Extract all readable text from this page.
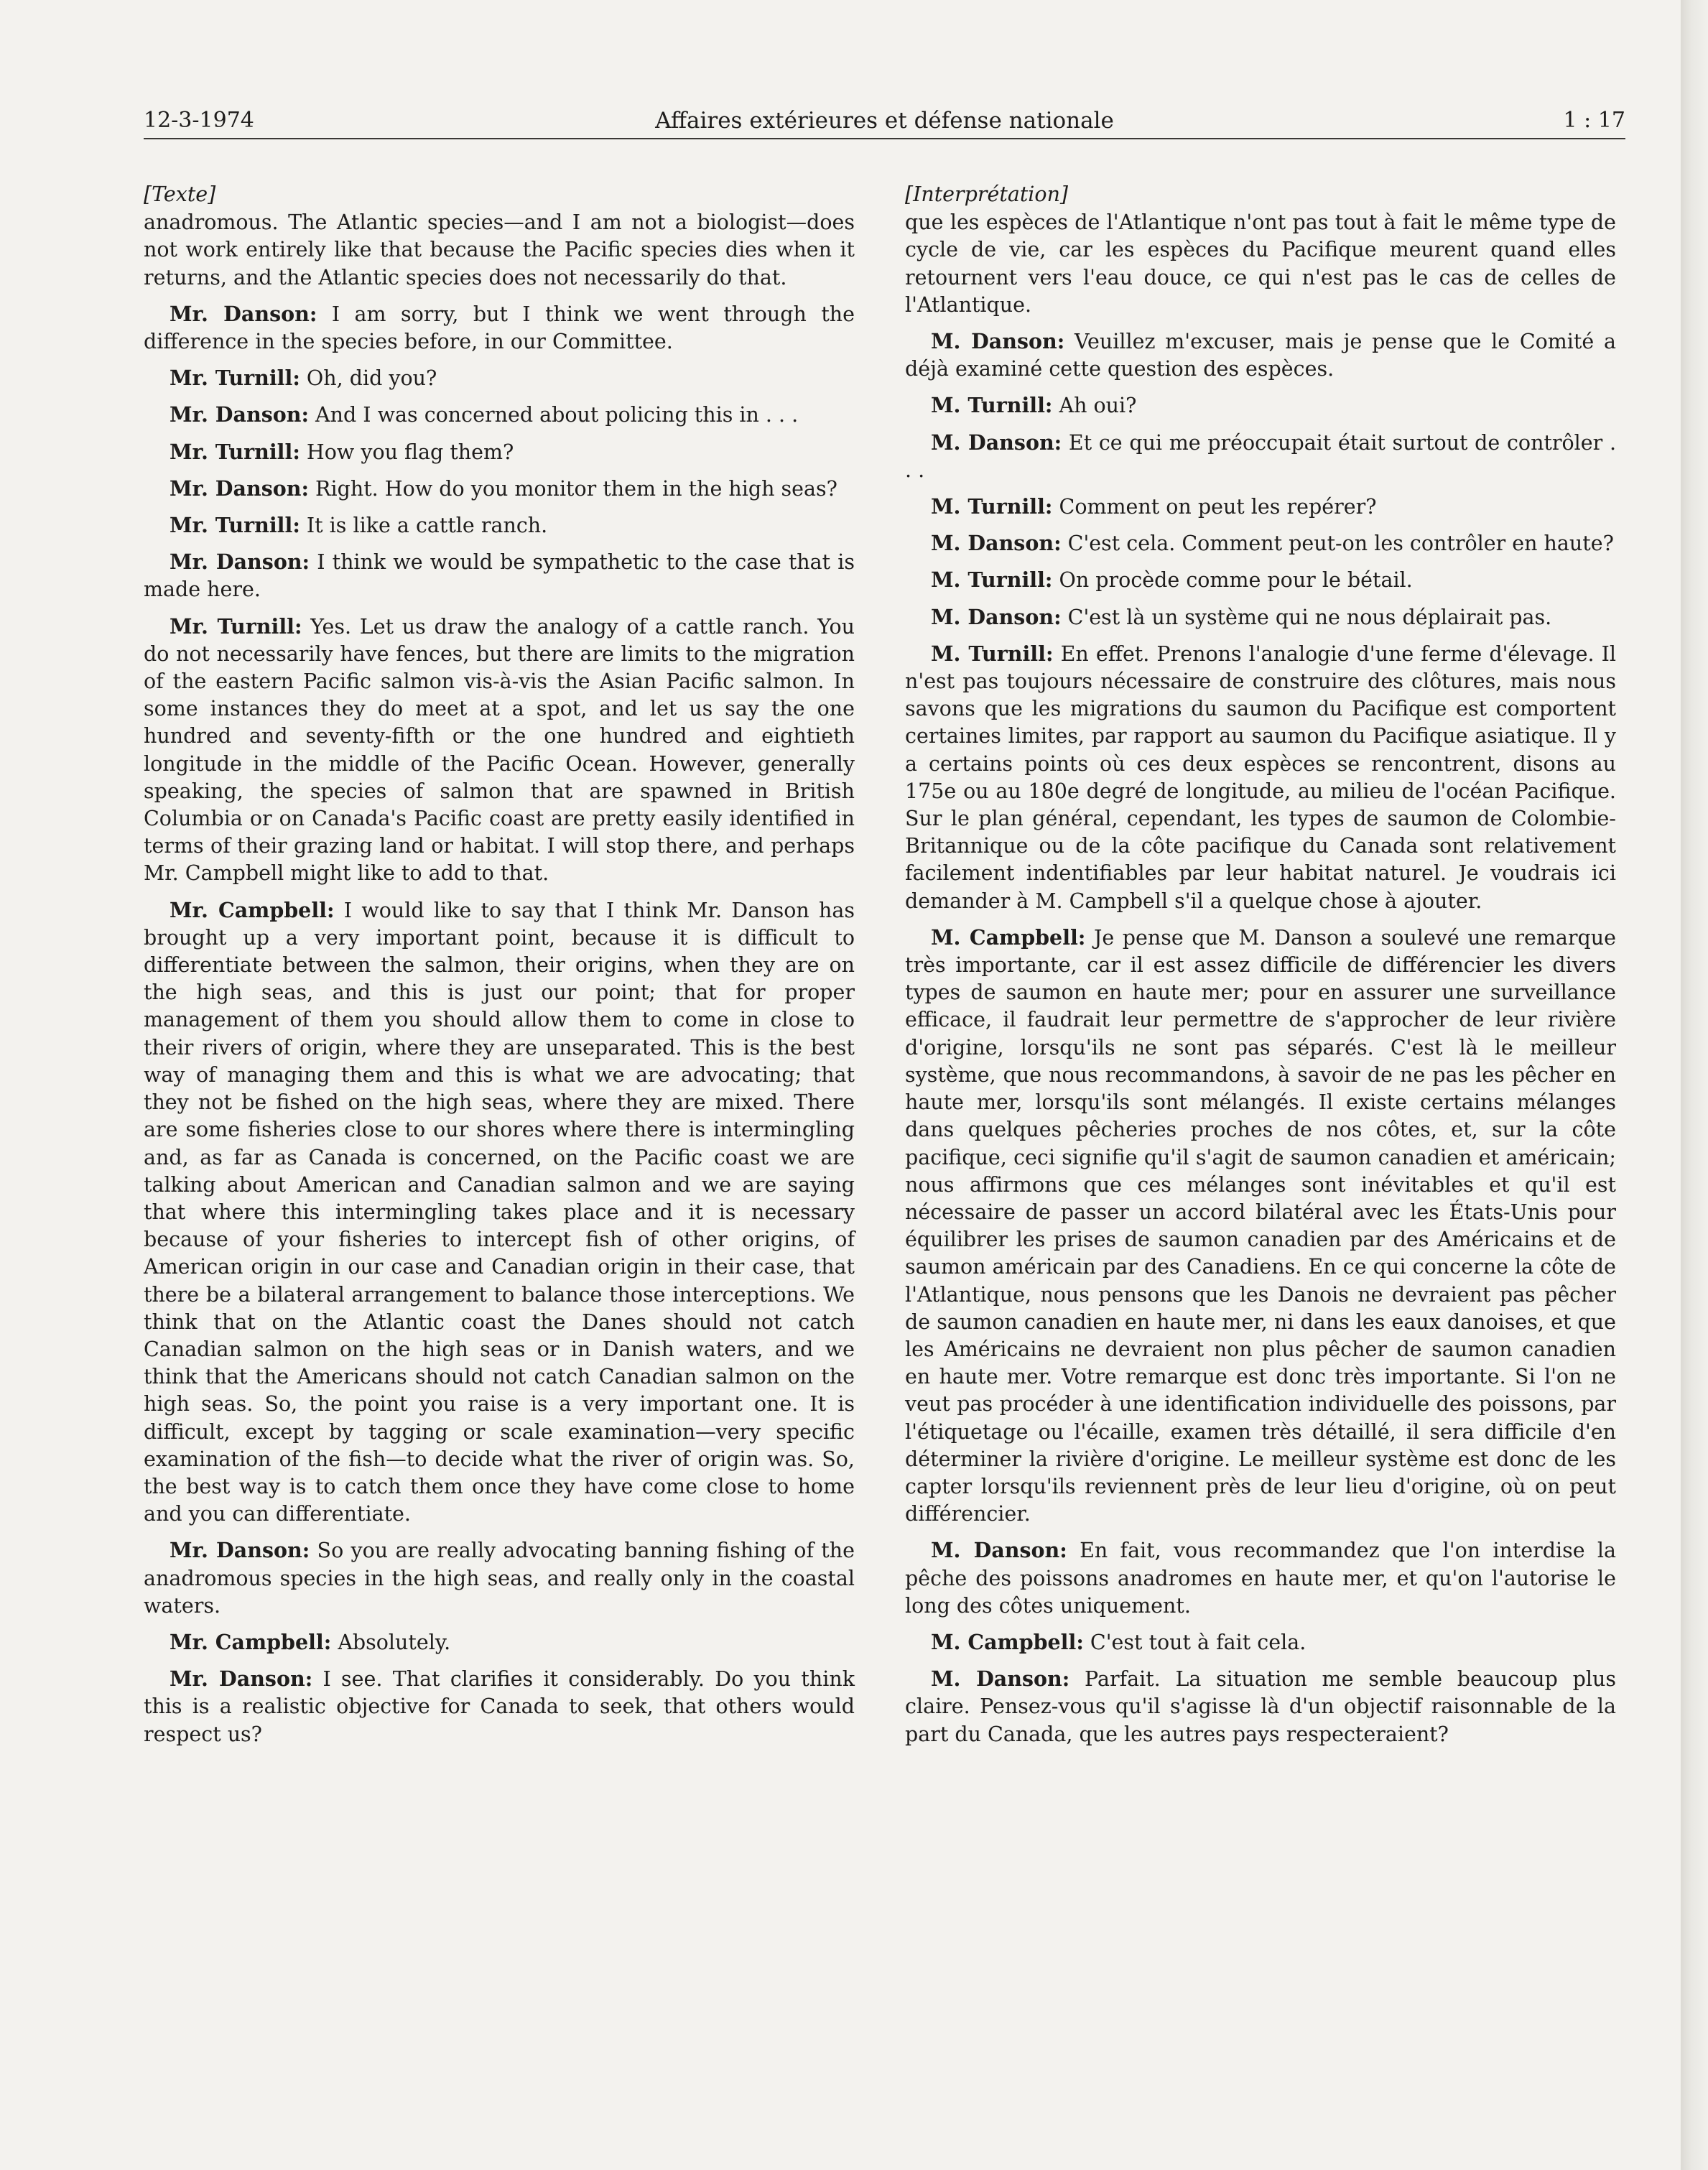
Affaires extérieures et défense nationale
12-3-1974	1 : 17
[Texte]

anadromous. The Atlantic species—and I am not a biologist—does not work entirely like that because the Pacific species dies when it returns, and the Atlantic species does not necessarily do that.

Mr. Danson: I am sorry, but I think we went through the difference in the species before, in our Committee.

Mr. Turnill: Oh, did you?

Mr. Danson: And I was concerned about policing this in . . .

Mr. Turnill: How you flag them?

Mr. Danson: Right. How do you monitor them in the high seas?

Mr. Turnill: It is like a cattle ranch.

Mr. Danson: I think we would be sympathetic to the case that is made here.

Mr. Turnill: Yes. Let us draw the analogy of a cattle ranch. You do not necessarily have fences, but there are limits to the migration of the eastern Pacific salmon vis-à-vis the Asian Pacific salmon. In some instances they do meet at a spot, and let us say the one hundred and seventy-fifth or the one hundred and eightieth longitude in the middle of the Pacific Ocean. However, generally speaking, the species of salmon that are spawned in British Columbia or on Canada's Pacific coast are pretty easily identified in terms of their grazing land or habitat. I will stop there, and perhaps Mr. Campbell might like to add to that.

Mr. Campbell: I would like to say that I think Mr. Danson has brought up a very important point, because it is difficult to differentiate between the salmon, their origins, when they are on the high seas, and this is just our point; that for proper management of them you should allow them to come in close to their rivers of origin, where they are unseparated. This is the best way of managing them and this is what we are advocating; that they not be fished on the high seas, where they are mixed. There are some fisheries close to our shores where there is intermingling and, as far as Canada is concerned, on the Pacific coast we are talking about American and Canadian salmon and we are saying that where this intermingling takes place and it is necessary because of your fisheries to intercept fish of other origins, of American origin in our case and Canadian origin in their case, that there be a bilateral arrangement to balance those interceptions. We think that on the Atlantic coast the Danes should not catch Canadian salmon on the high seas or in Danish waters, and we think that the Americans should not catch Canadian salmon on the high seas. So, the point you raise is a very important one. It is difficult, except by tagging or scale examination—very specific examination of the fish—to decide what the river of origin was. So, the best way is to catch them once they have come close to home and you can differentiate.

Mr. Danson: So you are really advocating banning fishing of the anadromous species in the high seas, and really only in the coastal waters.

Mr. Campbell: Absolutely.

Mr. Danson: I see. That clarifies it considerably. Do you think this is a realistic objective for Canada to seek, that others would respect us?

[Interprétation]

que les espèces de l'Atlantique n'ont pas tout à fait le même type de cycle de vie, car les espèces du Pacifique meurent quand elles retournent vers l'eau douce, ce qui n'est pas le cas de celles de l'Atlantique.

M. Danson: Veuillez m'excuser, mais je pense que le Comité a déjà examiné cette question des espèces.

M. Turnill: Ah oui?

M. Danson: Et ce qui me préoccupait était surtout de contrôler . . .

M. Turnill: Comment on peut les repérer?

M. Danson: C'est cela. Comment peut-on les contrôler en haute?

M. Turnill: On procède comme pour le bétail.

M. Danson: C'est là un système qui ne nous déplairait pas.

M. Turnill: En effet. Prenons l'analogie d'une ferme d'élevage. Il n'est pas toujours nécessaire de construire des clôtures, mais nous savons que les migrations du saumon du Pacifique est comportent certaines limites, par rapport au saumon du Pacifique asiatique. Il y a certains points où ces deux espèces se rencontrent, disons au 175e ou au 180e degré de longitude, au milieu de l'océan Pacifique. Sur le plan général, cependant, les types de saumon de Colombie-Britannique ou de la côte pacifique du Canada sont relativement facilement indentifiables par leur habitat naturel. Je voudrais ici demander à M. Campbell s'il a quelque chose à ajouter.

M. Campbell: Je pense que M. Danson a soulevé une remarque très importante, car il est assez difficile de différencier les divers types de saumon en haute mer; pour en assurer une surveillance efficace, il faudrait leur permettre de s'approcher de leur rivière d'origine, lorsqu'ils ne sont pas séparés. C'est là le meilleur système, que nous recommandons, à savoir de ne pas les pêcher en haute mer, lorsqu'ils sont mélangés. Il existe certains mélanges dans quelques pêcheries proches de nos côtes, et, sur la côte pacifique, ceci signifie qu'il s'agit de saumon canadien et américain; nous affirmons que ces mélanges sont inévitables et qu'il est nécessaire de passer un accord bilatéral avec les États-Unis pour équilibrer les prises de saumon canadien par des Américains et de saumon américain par des Canadiens. En ce qui concerne la côte de l'Atlantique, nous pensons que les Danois ne devraient pas pêcher de saumon canadien en haute mer, ni dans les eaux danoises, et que les Américains ne devraient non plus pêcher de saumon canadien en haute mer. Votre remarque est donc très importante. Si l'on ne veut pas procéder à une identification individuelle des poissons, par l'étiquetage ou l'écaille, examen très détaillé, il sera difficile d'en déterminer la rivière d'origine. Le meilleur système est donc de les capter lorsqu'ils reviennent près de leur lieu d'origine, où on peut différencier.

M. Danson: En fait, vous recommandez que l'on interdise la pêche des poissons anadromes en haute mer, et qu'on l'autorise le long des côtes uniquement.

M. Campbell: C'est tout à fait cela.

M. Danson: Parfait. La situation me semble beaucoup plus claire. Pensez-vous qu'il s'agisse là d'un objectif raisonnable de la part du Canada, que les autres pays respecteraient?
